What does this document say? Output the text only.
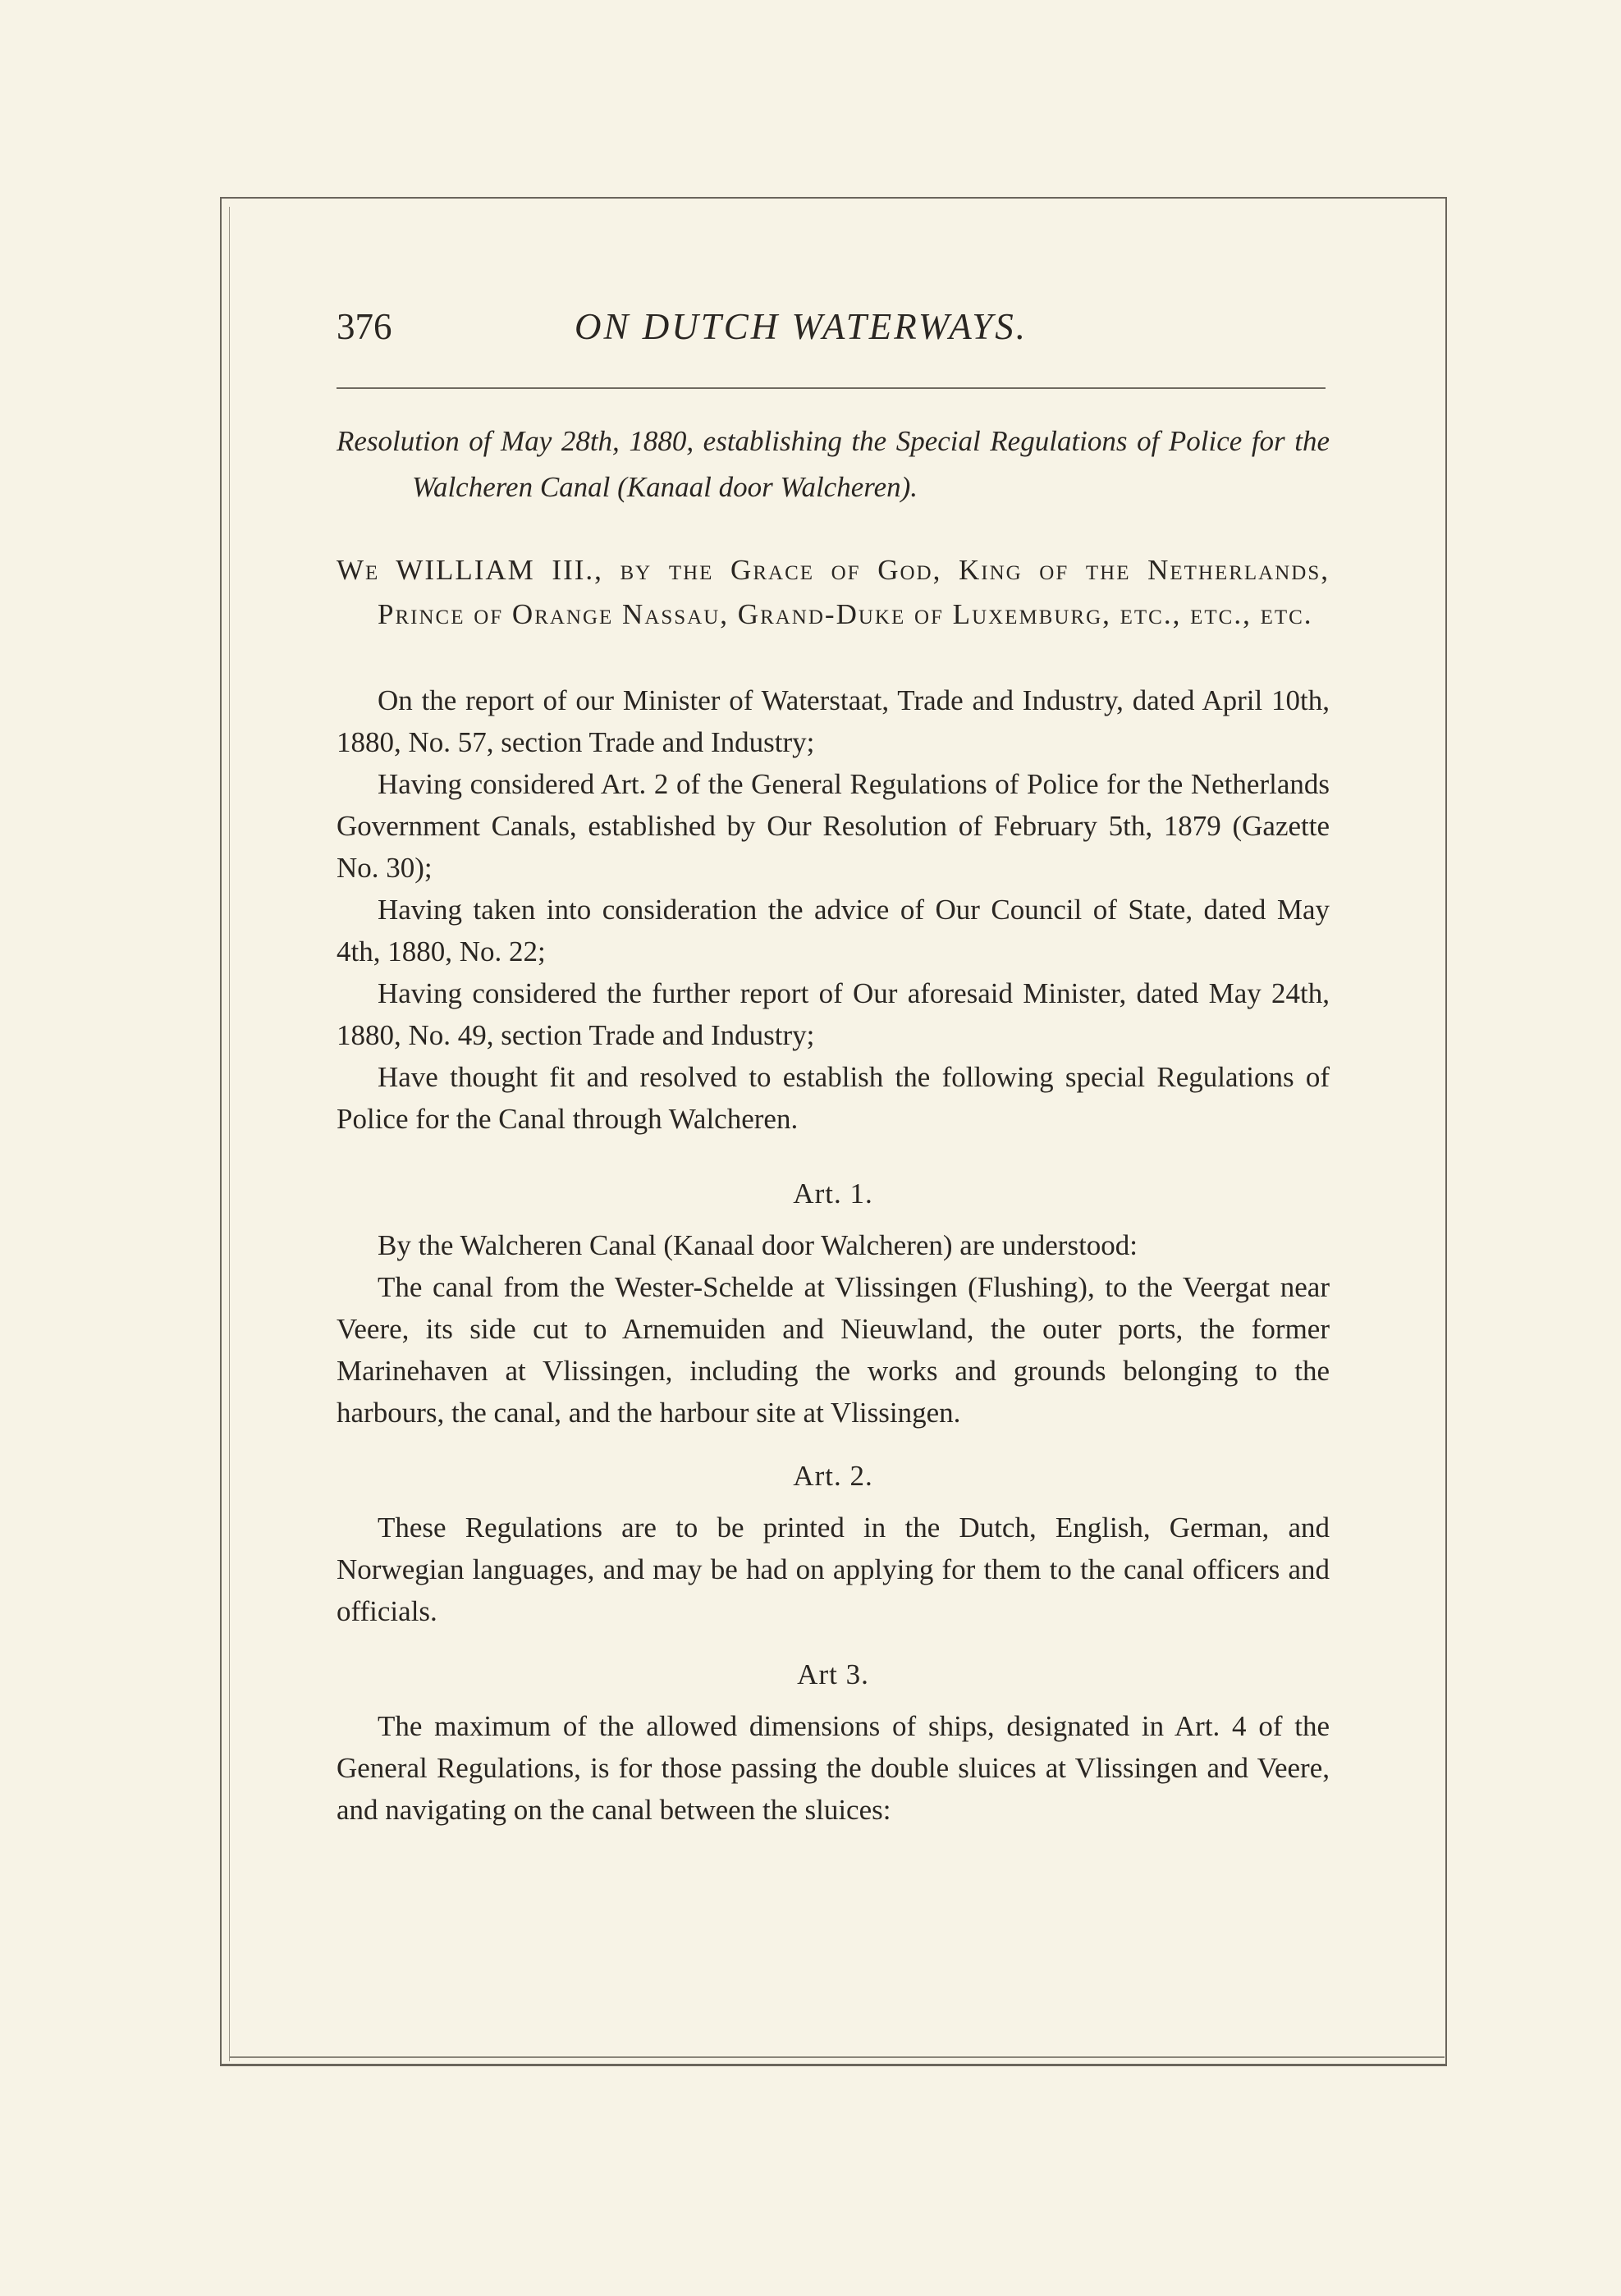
376	ON DUTCH WATERWAYS.

Resolution of May 28th, 1880, establishing the Special Regulations of Police for the Walcheren Canal (Kanaal door Walcheren).

We WILLIAM III., by the Grace of God, King of the Netherlands, Prince of Orange Nassau, Grand-Duke of Luxemburg, etc., etc., etc.

On the report of our Minister of Waterstaat, Trade and Industry, dated April 10th, 1880, No. 57, section Trade and Industry;

Having considered Art. 2 of the General Regulations of Police for the Netherlands Government Canals, established by Our Resolution of February 5th, 1879 (Gazette No. 30);

Having taken into consideration the advice of Our Council of State, dated May 4th, 1880, No. 22;

Having considered the further report of Our aforesaid Minister, dated May 24th, 1880, No. 49, section Trade and Industry;

Have thought fit and resolved to establish the following special Regulations of Police for the Canal through Walcheren.

Art. 1.

By the Walcheren Canal (Kanaal door Walcheren) are understood:

The canal from the Wester-Schelde at Vlissingen (Flushing), to the Veergat near Veere, its side cut to Arnemuiden and Nieuwland, the outer ports, the former Marinehaven at Vlissingen, including the works and grounds belonging to the harbours, the canal, and the harbour site at Vlissingen.

Art. 2.

These Regulations are to be printed in the Dutch, English, German, and Norwegian languages, and may be had on applying for them to the canal officers and officials.

Art 3.

The maximum of the allowed dimensions of ships, designated in Art. 4 of the General Regulations, is for those passing the double sluices at Vlissingen and Veere, and navigating on the canal between the sluices:
